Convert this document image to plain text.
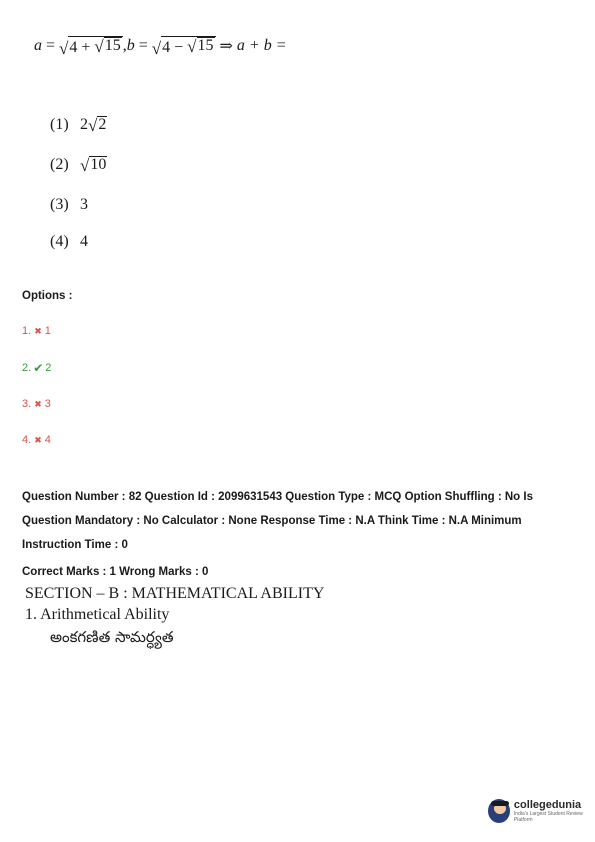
a = √ 4 + √ 15 , b = √ 4 − √ 15 ⇒ a + b =
(1) 2 √ 2
(2) √ 10
(3) 3
(4) 4
Options :
1. ✖ 1
2. ✔ 2
3. ✖ 3
4. ✖ 4
Question Number : 82 Question Id : 2099631543 Question Type : MCQ Option Shuffling : No Is
Question Mandatory : No Calculator : None Response Time : N.A Think Time : N.A Minimum
Instruction Time : 0
Correct Marks : 1 Wrong Marks : 0
SECTION – B : MATHEMATICAL ABILITY
1. Arithmetical Ability
అంకగణిత సామర్ధ్యత
collegedunia
India's Largest Student Review Platform
